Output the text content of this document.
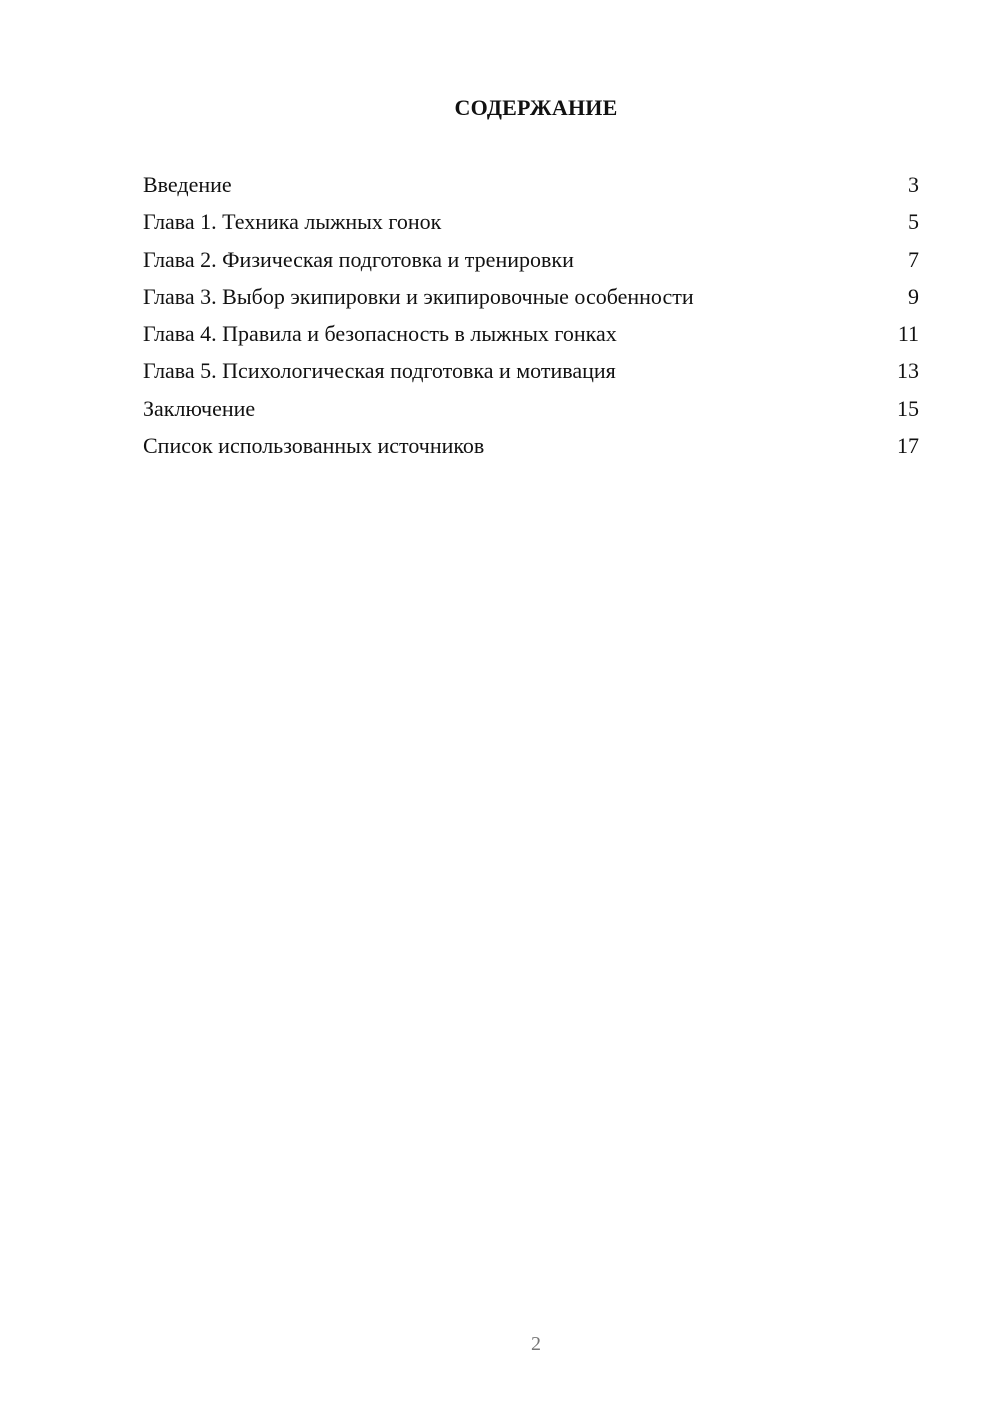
СОДЕРЖАНИЕ
Введение	3
Глава 1. Техника лыжных гонок	5
Глава 2. Физическая подготовка и тренировки	7
Глава 3. Выбор экипировки и экипировочные особенности	9
Глава 4. Правила и безопасность в лыжных гонках	11
Глава 5. Психологическая подготовка и мотивация	13
Заключение	15
Список использованных источников	17
2
